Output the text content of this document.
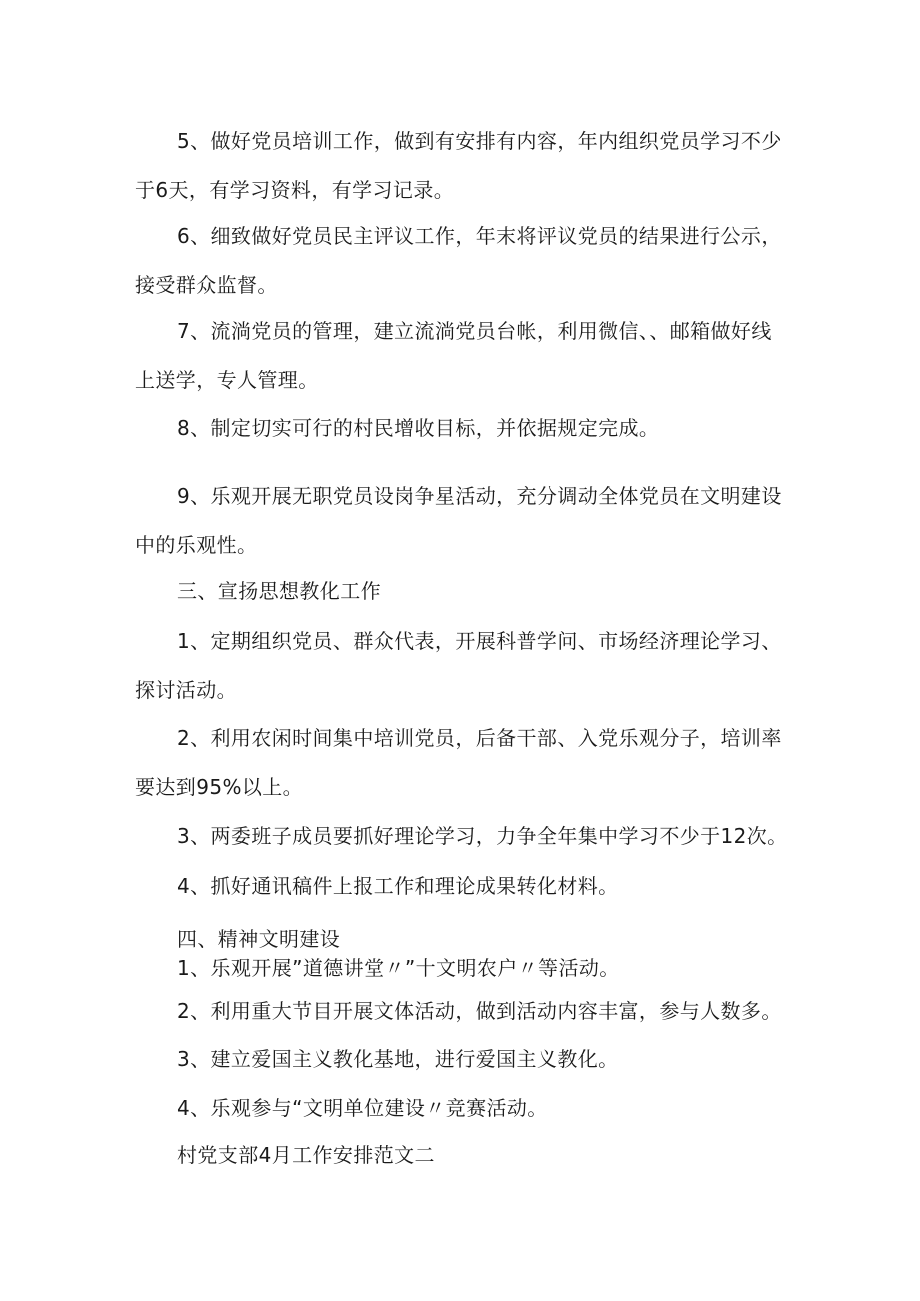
5、做好党员培训工作，做到有安排有内容，年内组织党员学习不少于6天，有学习资料，有学习记录。

6、细致做好党员民主评议工作，年末将评议党员的结果进行公示，接受群众监督。

7、流淌党员的管理，建立流淌党员台帐，利用微信、、邮箱做好线上送学，专人管理。

8、制定切实可行的村民增收目标，并依据规定完成。

9、乐观开展无职党员设岗争星活动，充分调动全体党员在文明建设中的乐观性。

三、宣扬思想教化工作

1、定期组织党员、群众代表，开展科普学问、市场经济理论学习、探讨活动。

2、利用农闲时间集中培训党员，后备干部、入党乐观分子，培训率要达到95%以上。

3、两委班子成员要抓好理论学习，力争全年集中学习不少于12次。

4、抓好通讯稿件上报工作和理论成果转化材料。

四、精神文明建设

1、乐观开展”道德讲堂〃”十文明农户〃等活动。

2、利用重大节目开展文体活动，做到活动内容丰富，参与人数多。

3、建立爱国主义教化基地，进行爱国主义教化。

4、乐观参与“文明单位建设〃竞赛活动。

村党支部4月工作安排范文二
